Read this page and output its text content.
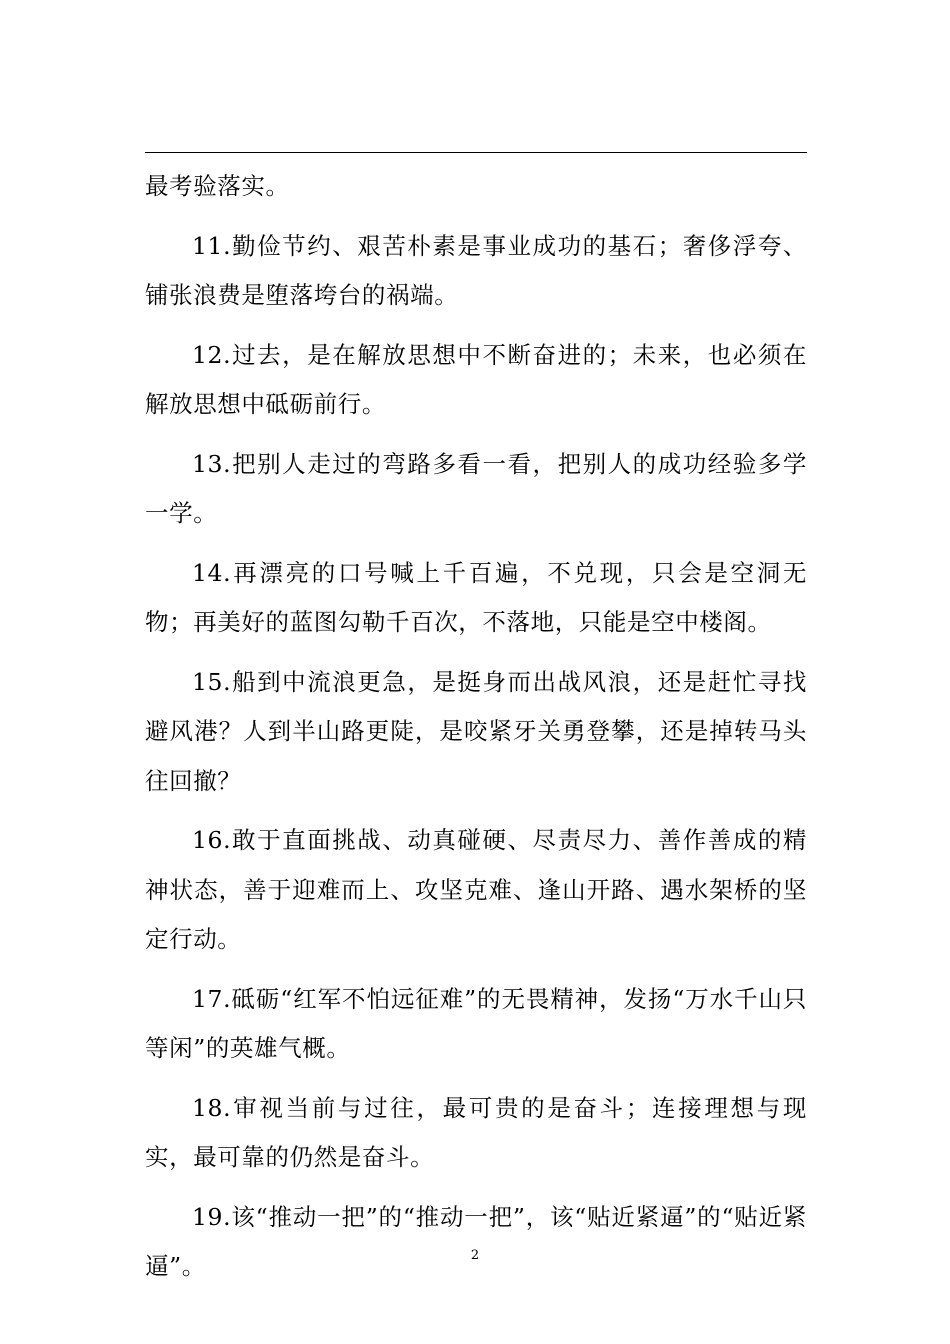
最考验落实。

11.勤俭节约、艰苦朴素是事业成功的基石；奢侈浮夸、铺张浪费是堕落垮台的祸端。

12.过去，是在解放思想中不断奋进的；未来，也必须在解放思想中砥砺前行。

13.把别人走过的弯路多看一看，把别人的成功经验多学一学。

14.再漂亮的口号喊上千百遍，不兑现，只会是空洞无物；再美好的蓝图勾勒千百次，不落地，只能是空中楼阁。

15.船到中流浪更急，是挺身而出战风浪，还是赶忙寻找避风港？人到半山路更陡，是咬紧牙关勇登攀，还是掉转马头往回撤？

16.敢于直面挑战、动真碰硬、尽责尽力、善作善成的精神状态，善于迎难而上、攻坚克难、逢山开路、遇水架桥的坚定行动。

17.砥砺“红军不怕远征难”的无畏精神，发扬“万水千山只等闲”的英雄气概。

18.审视当前与过往，最可贵的是奋斗；连接理想与现实，最可靠的仍然是奋斗。

19.该“推动一把”的“推动一把”，该“贴近紧逼”的“贴近紧逼”。	2
